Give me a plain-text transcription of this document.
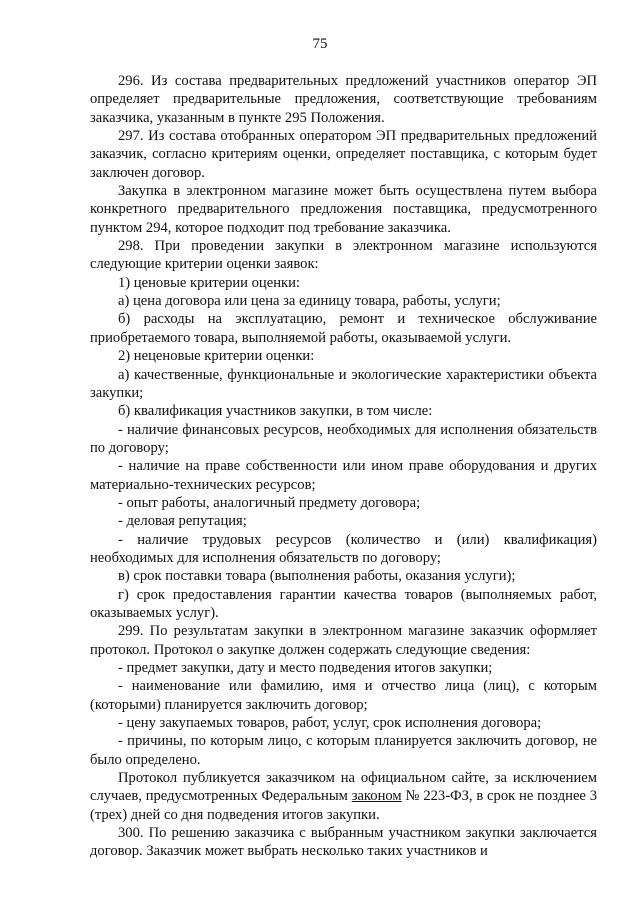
75

296. Из состава предварительных предложений участников оператор ЭП определяет предварительные предложения, соответствующие требованиям заказчика, указанным в пункте 295 Положения.

297. Из состава отобранных оператором ЭП предварительных предложений заказчик, согласно критериям оценки, определяет поставщика, с которым будет заключен договор.

Закупка в электронном магазине может быть осуществлена путем выбора конкретного предварительного предложения поставщика, предусмотренного пунктом 294, которое подходит под требование заказчика.

298. При проведении закупки в электронном магазине используются следующие критерии оценки заявок:

1) ценовые критерии оценки:

а) цена договора или цена за единицу товара, работы, услуги;

б) расходы на эксплуатацию, ремонт и техническое обслуживание приобретаемого товара, выполняемой работы, оказываемой услуги.

2) неценовые критерии оценки:

а) качественные, функциональные и экологические характеристики объекта закупки;

б) квалификация участников закупки, в том числе:

- наличие финансовых ресурсов, необходимых для исполнения обязательств по договору;

- наличие на праве собственности или ином праве оборудования и других материально-технических ресурсов;

- опыт работы, аналогичный предмету договора;

- деловая репутация;

- наличие трудовых ресурсов (количество и (или) квалификация) необходимых для исполнения обязательств по договору;

в) срок поставки товара (выполнения работы, оказания услуги);

г) срок предоставления гарантии качества товаров (выполняемых работ, оказываемых услуг).

299. По результатам закупки в электронном магазине заказчик оформляет протокол. Протокол о закупке должен содержать следующие сведения:

- предмет закупки, дату и место подведения итогов закупки;

- наименование или фамилию, имя и отчество лица (лиц), с которым (которыми) планируется заключить договор;

- цену закупаемых товаров, работ, услуг, срок исполнения договора;

- причины, по которым лицо, с которым планируется заключить договор, не было определено.

Протокол публикуется заказчиком на официальном сайте, за исключением случаев, предусмотренных Федеральным законом № 223-ФЗ, в срок не позднее 3 (трех) дней со дня подведения итогов закупки.

300. По решению заказчика с выбранным участником закупки заключается договор. Заказчик может выбрать несколько таких участников и
